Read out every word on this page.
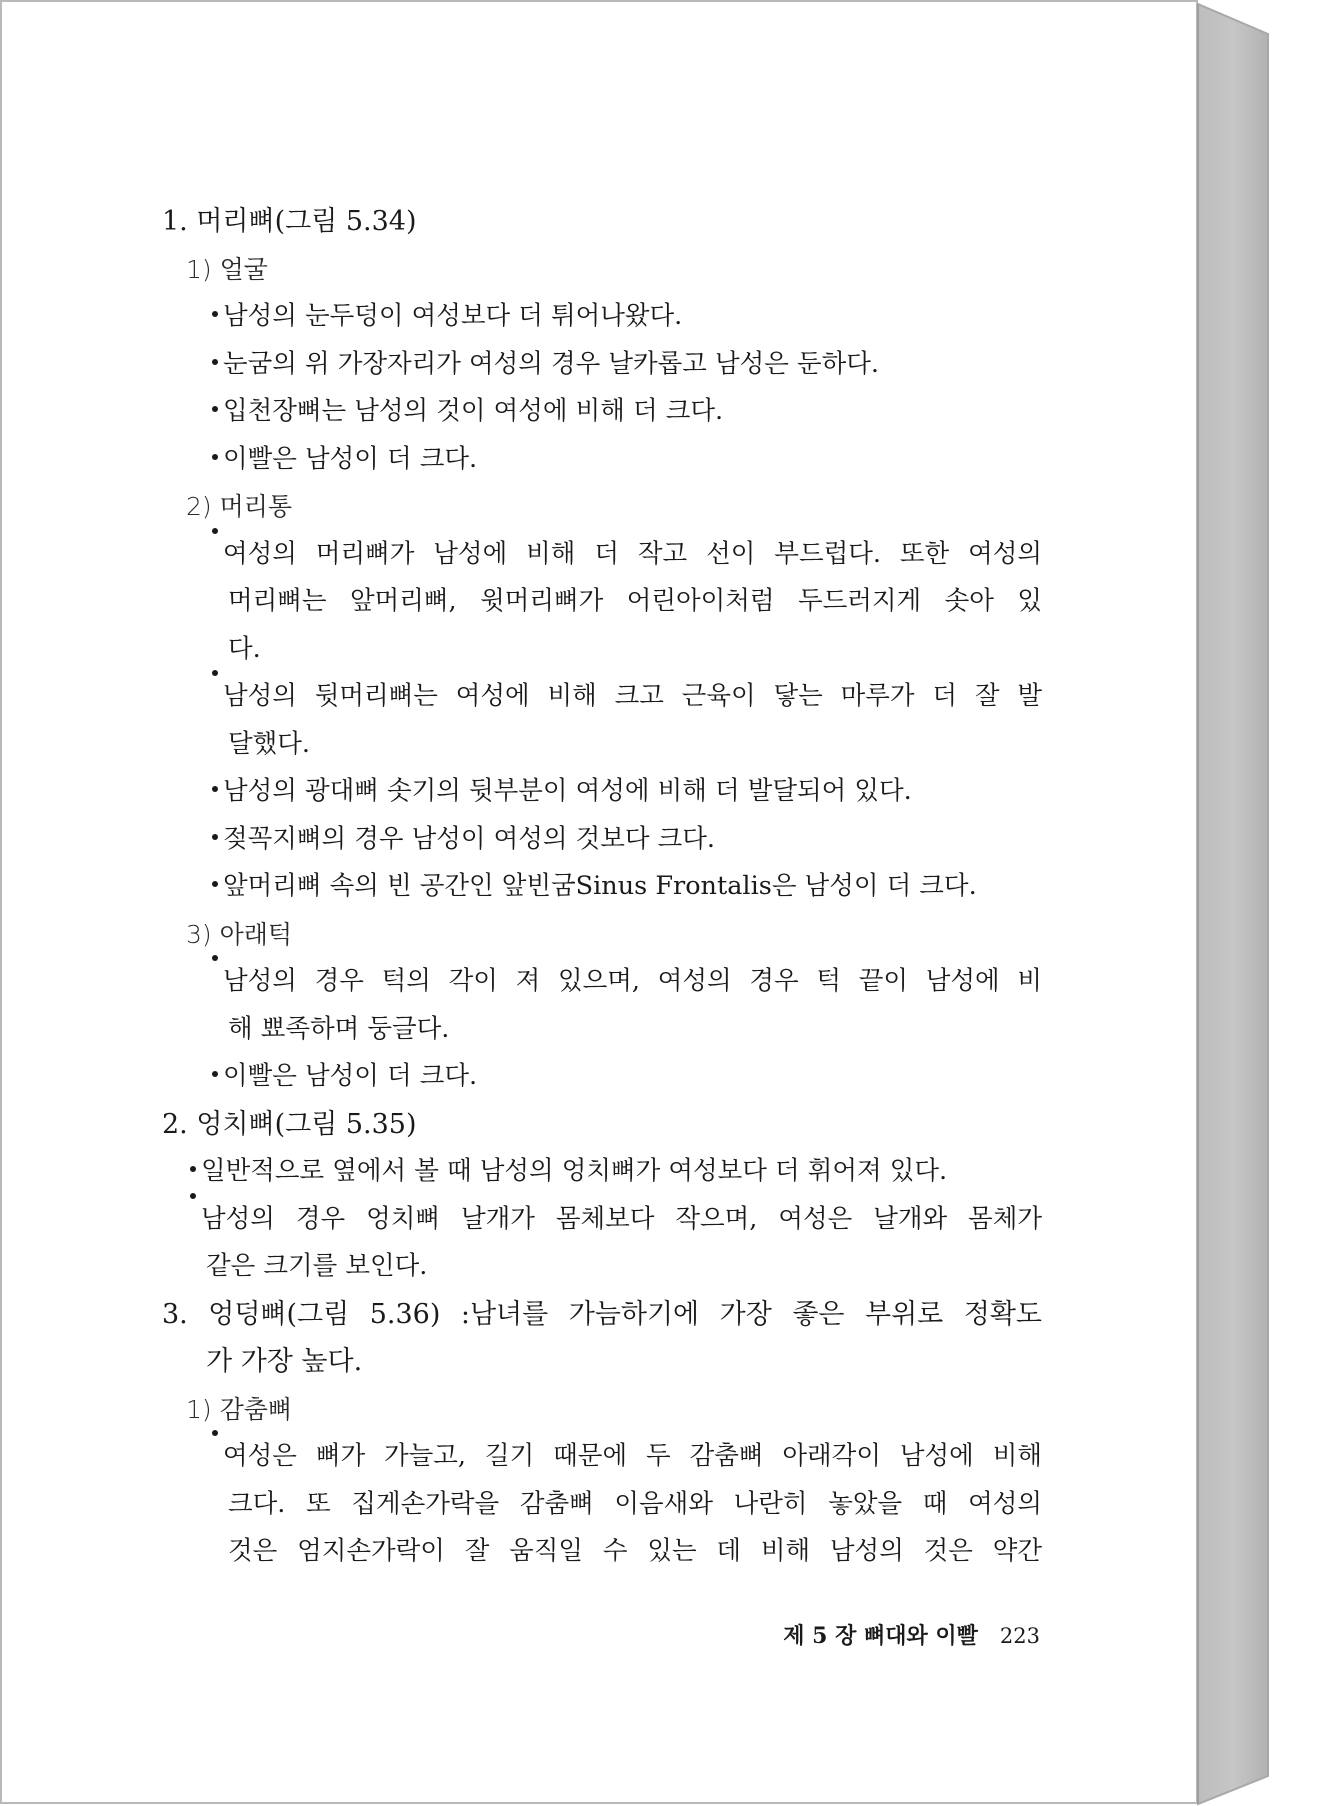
1. 머리뼈(그림 5.34)
1) 얼굴
남성의 눈두덩이 여성보다 더 튀어나왔다.
눈굼의 위 가장자리가 여성의 경우 날카롭고 남성은 둔하다.
입천장뼈는 남성의 것이 여성에 비해 더 크다.
이빨은 남성이 더 크다.
2) 머리통
여성의 머리뼈가 남성에 비해 더 작고 선이 부드럽다. 또한 여성의
머리뼈는 앞머리뼈, 윗머리뼈가 어린아이처럼 두드러지게 솟아 있
다.
남성의 뒷머리뼈는 여성에 비해 크고 근육이 닿는 마루가 더 잘 발
달했다.
남성의 광대뼈 솟기의 뒷부분이 여성에 비해 더 발달되어 있다.
젖꼭지뼈의 경우 남성이 여성의 것보다 크다.
앞머리뼈 속의 빈 공간인 앞빈굼Sinus Frontalis은 남성이 더 크다.
3) 아래턱
남성의 경우 턱의 각이 져 있으며, 여성의 경우 턱 끝이 남성에 비
해 뾰족하며 둥글다.
이빨은 남성이 더 크다.
2. 엉치뼈(그림 5.35)
일반적으로 옆에서 볼 때 남성의 엉치뼈가 여성보다 더 휘어져 있다.
남성의 경우 엉치뼈 날개가 몸체보다 작으며, 여성은 날개와 몸체가
같은 크기를 보인다.
3. 엉덩뼈(그림 5.36) :남녀를 가늠하기에 가장 좋은 부위로 정확도
가 가장 높다.
1) 감춤뼈
여성은 뼈가 가늘고, 길기 때문에 두 감춤뼈 아래각이 남성에 비해
크다. 또 집게손가락을 감춤뼈 이음새와 나란히 놓았을 때 여성의
것은 엄지손가락이 잘 움직일 수 있는 데 비해 남성의 것은 약간
제 5 장 뼈대와 이빨 223
